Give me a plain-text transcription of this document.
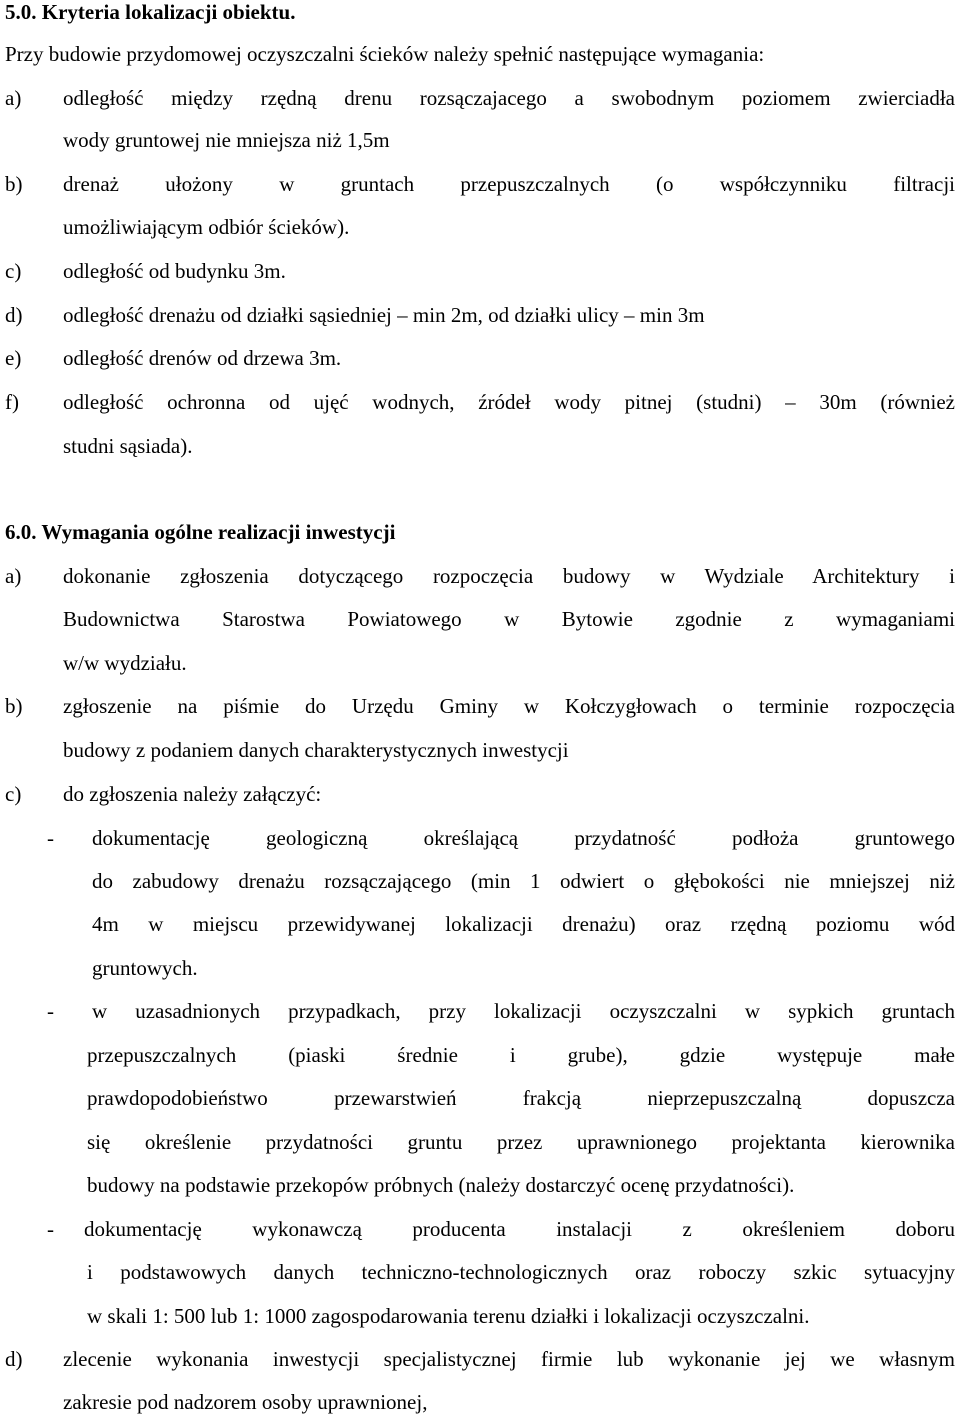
5.0. Kryteria lokalizacji obiektu.
Przy budowie przydomowej oczyszczalni ścieków należy spełnić następujące wymagania:
a) odległość między rzędną drenu rozsączajacego a swobodnym poziomem zwierciadła
wody gruntowej nie mniejsza niż 1,5m
b) drenaż ułożony w gruntach przepuszczalnych (o współczynniku filtracji
umożliwiającym odbiór ścieków).
c) odległość od budynku 3m.
d) odległość drenażu od działki sąsiedniej – min 2m, od działki ulicy – min 3m
e) odległość drenów od drzewa 3m.
f) odległość ochronna od ujęć wodnych, źródeł wody pitnej (studni) – 30m (również
studni sąsiada).
6.0. Wymagania ogólne realizacji inwestycji
a) dokonanie zgłoszenia dotyczącego rozpoczęcia budowy w Wydziale Architektury i
Budownictwa Starostwa Powiatowego w Bytowie zgodnie z wymaganiami
w/w wydziału.
b) zgłoszenie na piśmie do Urzędu Gminy w Kołczygłowach o terminie rozpoczęcia
budowy z podaniem danych charakterystycznych inwestycji
c) do zgłoszenia należy załączyć:
- dokumentację geologiczną określającą przydatność podłoża gruntowego
do zabudowy drenażu rozsączającego (min 1 odwiert o głębokości nie mniejszej niż
4m w miejscu przewidywanej lokalizacji drenażu) oraz rzędną poziomu wód
gruntowych.
- w uzasadnionych przypadkach, przy lokalizacji oczyszczalni w sypkich gruntach
przepuszczalnych (piaski średnie i grube), gdzie występuje małe
prawdopodobieństwo przewarstwień frakcją nieprzepuszczalną dopuszcza
się określenie przydatności gruntu przez uprawnionego projektanta kierownika
budowy na podstawie przekopów próbnych (należy dostarczyć ocenę przydatności).
- dokumentację wykonawczą producenta instalacji z określeniem doboru
i podstawowych danych techniczno-technologicznych oraz roboczy szkic sytuacyjny
w skali 1: 500 lub 1: 1000 zagospodarowania terenu działki i lokalizacji oczyszczalni.
d) zlecenie wykonania inwestycji specjalistycznej firmie lub wykonanie jej we własnym
zakresie pod nadzorem osoby uprawnionej,
